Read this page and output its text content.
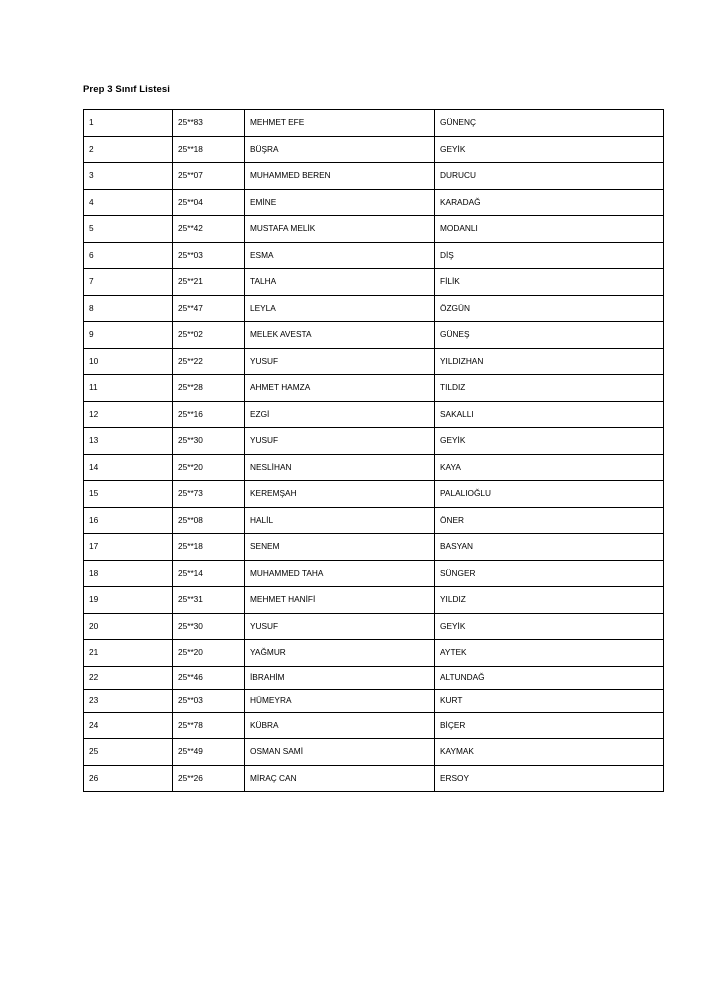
Prep 3 Sınıf Listesi
1	25**83	MEHMET EFE	GÜNENÇ
2	25**18	BÜŞRA	GEYİK
3	25**07	MUHAMMED BEREN	DURUCU
4	25**04	EMİNE	KARADAĞ
5	25**42	MUSTAFA MELİK	MODANLI
6	25**03	ESMA	DİŞ
7	25**21	TALHA	FİLİK
8	25**47	LEYLA	ÖZGÜN
9	25**02	MELEK AVESTA	GÜNEŞ
10	25**22	YUSUF	YILDIZHAN
11	25**28	AHMET HAMZA	TILDIZ
12	25**16	EZGİ	SAKALLI
13	25**30	YUSUF	GEYİK
14	25**20	NESLİHAN	KAYA
15	25**73	KEREMŞAH	PALALIOĞLU
16	25**08	HALİL	ÖNER
17	25**18	SENEM	BASYAN
18	25**14	MUHAMMED TAHA	SÜNGER
19	25**31	MEHMET HANİFİ	YILDIZ
20	25**30	YUSUF	GEYİK
21	25**20	YAĞMUR	AYTEK
22	25**46	İBRAHİM	ALTUNDAĞ
23	25**03	HÜMEYRA	KURT
24	25**78	KÜBRA	BİÇER
25	25**49	OSMAN SAMİ	KAYMAK
26	25**26	MİRAÇ CAN	ERSOY
